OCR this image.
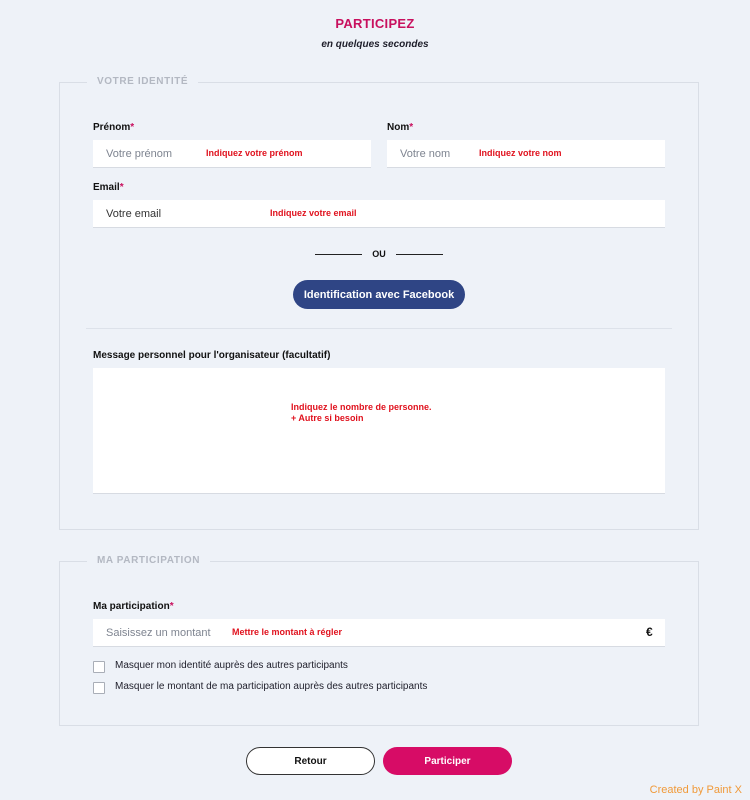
PARTICIPEZ
en quelques secondes
VOTRE IDENTITÉ
Prénom*
Votre prénom	Indiquez votre prénom
Nom*
Votre nom	Indiquez votre nom
Email*
Votre email	Indiquez votre email
OU
Identification avec Facebook
Message personnel pour l'organisateur (facultatif)
Indiquez le nombre de personne.
+ Autre si besoin
MA PARTICIPATION
Ma participation*
Saisissez un montant Mettre le montant à régler	€
Masquer mon identité auprès des autres participants
Masquer le montant de ma participation auprès des autres participants
Retour	Participer
Created by Paint X
